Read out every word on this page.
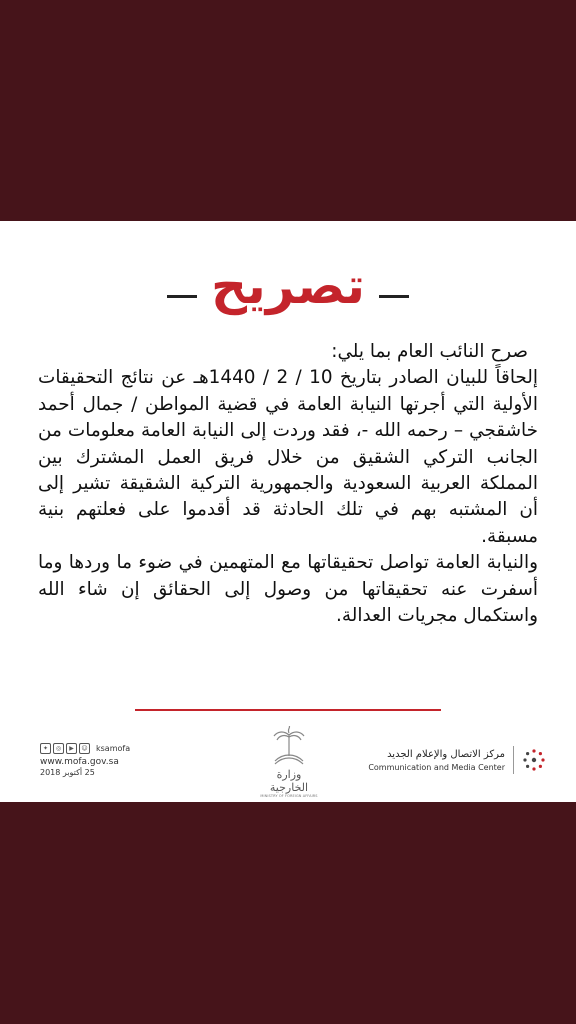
تصريح

صرح النائب العام بما يلي:

إلحاقاً للبيان الصادر بتاريخ 10 / 2 / 1440هـ عن نتائج التحقيقات الأولية التي أجرتها النيابة العامة في قضية المواطن / جمال أحمد خاشقجي – رحمه الله -، فقد وردت إلى النيابة العامة معلومات من الجانب التركي الشقيق من خلال فريق العمل المشترك بين المملكة العربية السعودية والجمهورية التركية الشقيقة تشير إلى أن المشتبه بهم في تلك الحادثة قد أقدموا على فعلتهم بنية مسبقة.

والنيابة العامة تواصل تحقيقاتها مع المتهمين في ضوء ما وردها وما أسفرت عنه تحقيقاتها من وصول إلى الحقائق إن شاء الله واستكمال مجريات العدالة.

✦	◎	▶	☺ ksamofa
www.mofa.gov.sa
25 أكتوبر 2018	وزارة الخارجية
MINISTRY OF FOREIGN AFFAIRS
مركز الاتصال والإعلام الجديد
Communication and Media Center
